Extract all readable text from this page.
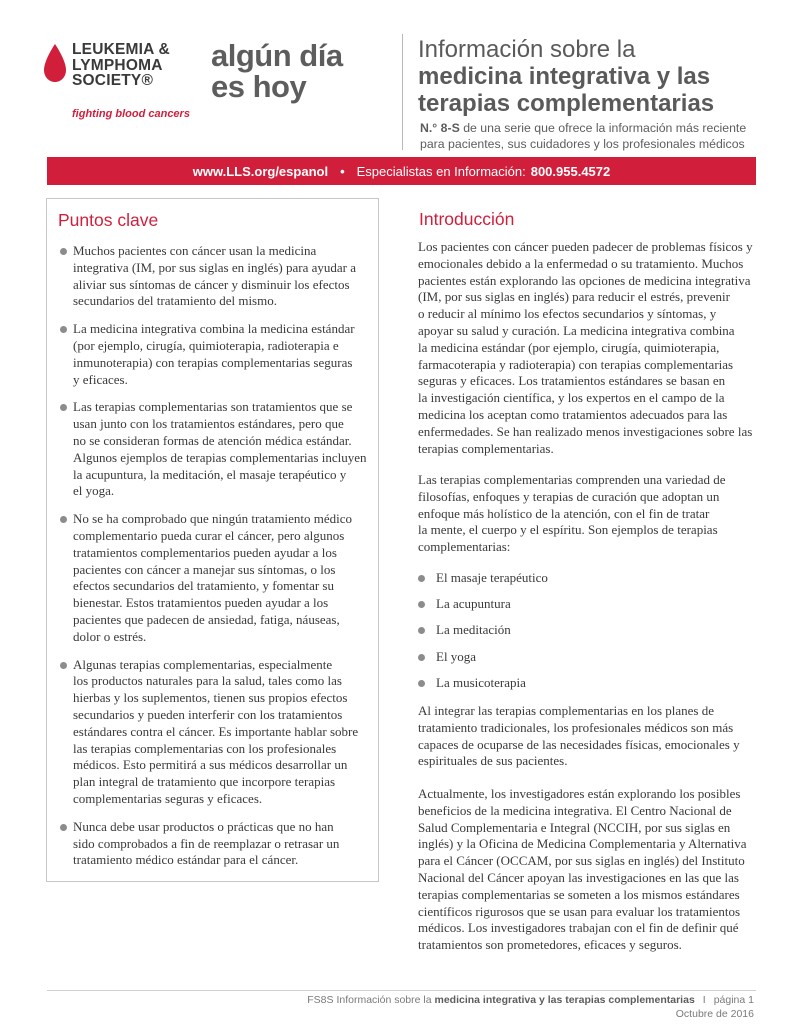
LEUKEMIA &
LYMPHOMA
SOCIETY®
fighting blood cancers
algún día
es hoy
Información sobre la
medicina integrativa y las
terapias complementarias

N.° 8-S de una serie que ofrece la información más reciente
para pacientes, sus cuidadores y los profesionales médicos

www.LLS.org/espanol • Especialistas en Información: 800.955.4572
Puntos clave
Muchos pacientes con cáncer usan la medicina
integrativa (IM, por sus siglas en inglés) para ayudar a
aliviar sus síntomas de cáncer y disminuir los efectos
secundarios del tratamiento del mismo.
La medicina integrativa combina la medicina estándar
(por ejemplo, cirugía, quimioterapia, radioterapia e
inmunoterapia) con terapias complementarias seguras
y eficaces.
Las terapias complementarias son tratamientos que se
usan junto con los tratamientos estándares, pero que
no se consideran formas de atención médica estándar.
Algunos ejemplos de terapias complementarias incluyen
la acupuntura, la meditación, el masaje terapéutico y
el yoga.
No se ha comprobado que ningún tratamiento médico
complementario pueda curar el cáncer, pero algunos
tratamientos complementarios pueden ayudar a los
pacientes con cáncer a manejar sus síntomas, o los
efectos secundarios del tratamiento, y fomentar su
bienestar. Estos tratamientos pueden ayudar a los
pacientes que padecen de ansiedad, fatiga, náuseas,
dolor o estrés.
Algunas terapias complementarias, especialmente
los productos naturales para la salud, tales como las
hierbas y los suplementos, tienen sus propios efectos
secundarios y pueden interferir con los tratamientos
estándares contra el cáncer. Es importante hablar sobre
las terapias complementarias con los profesionales
médicos. Esto permitirá a sus médicos desarrollar un
plan integral de tratamiento que incorpore terapias
complementarias seguras y eficaces.
Nunca debe usar productos o prácticas que no han
sido comprobados a fin de reemplazar o retrasar un
tratamiento médico estándar para el cáncer.
Introducción

Los pacientes con cáncer pueden padecer de problemas físicos y
emocionales debido a la enfermedad o su tratamiento. Muchos
pacientes están explorando las opciones de medicina integrativa
(IM, por sus siglas en inglés) para reducir el estrés, prevenir
o reducir al mínimo los efectos secundarios y síntomas, y
apoyar su salud y curación. La medicina integrativa combina
la medicina estándar (por ejemplo, cirugía, quimioterapia,
farmacoterapia y radioterapia) con terapias complementarias
seguras y eficaces. Los tratamientos estándares se basan en
la investigación científica, y los expertos en el campo de la
medicina los aceptan como tratamientos adecuados para las
enfermedades. Se han realizado menos investigaciones sobre las
terapias complementarias.

Las terapias complementarias comprenden una variedad de
filosofías, enfoques y terapias de curación que adoptan un
enfoque más holístico de la atención, con el fin de tratar
la mente, el cuerpo y el espíritu. Son ejemplos de terapias
complementarias:

El masaje terapéutico
La acupuntura
La meditación
El yoga
La musicoterapia

Al integrar las terapias complementarias en los planes de
tratamiento tradicionales, los profesionales médicos son más
capaces de ocuparse de las necesidades físicas, emocionales y
espirituales de sus pacientes.

Actualmente, los investigadores están explorando los posibles
beneficios de la medicina integrativa. El Centro Nacional de
Salud Complementaria e Integral (NCCIH, por sus siglas en
inglés) y la Oficina de Medicina Complementaria y Alternativa
para el Cáncer (OCCAM, por sus siglas en inglés) del Instituto
Nacional del Cáncer apoyan las investigaciones en las que las
terapias complementarias se someten a los mismos estándares
científicos rigurosos que se usan para evaluar los tratamientos
médicos. Los investigadores trabajan con el fin de definir qué
tratamientos son prometedores, eficaces y seguros.

FS8S Información sobre la medicina integrativa y las terapias complementarias I página 1

Octubre de 2016
